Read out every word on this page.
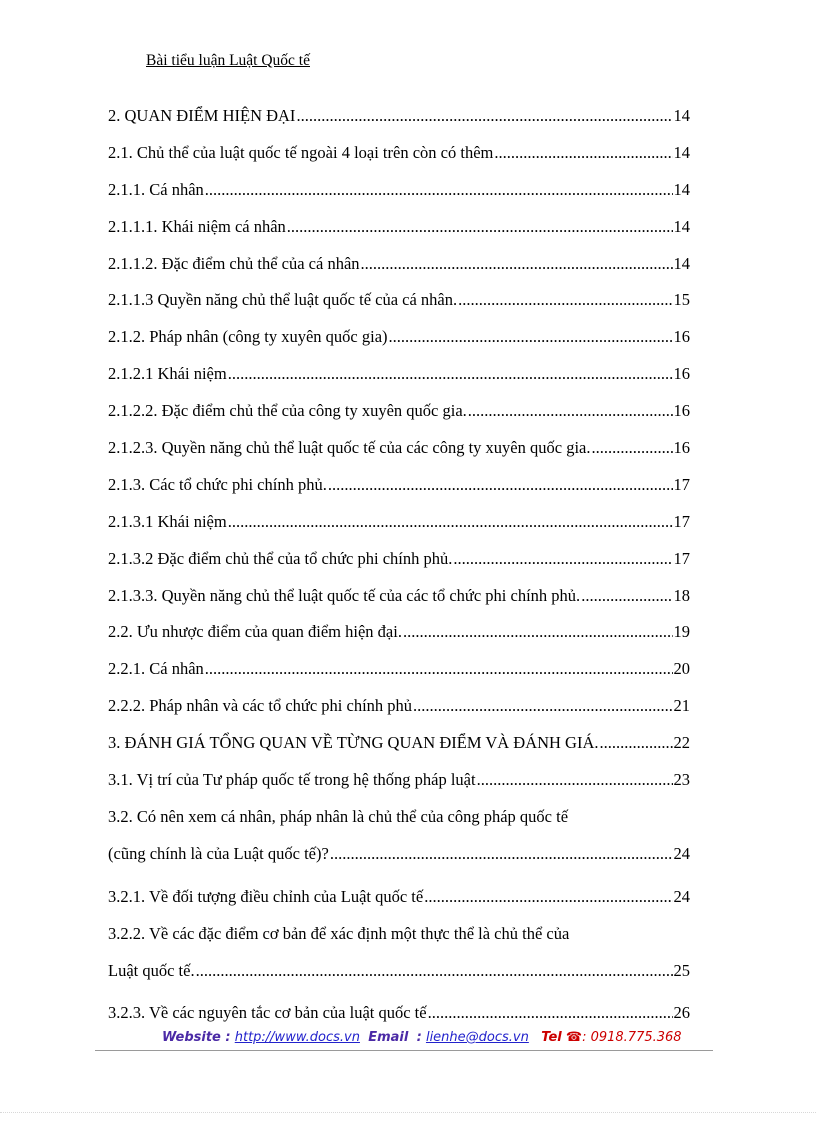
Bài tiểu luận Luật Quốc tế
2. QUAN ĐIỂM HIỆN ĐẠI .....	14
2.1. Chủ thể của luật quốc tế ngoài 4 loại trên còn có thêm .....	14
2.1.1. Cá nhân .....	14
2.1.1.1. Khái niệm cá nhân .....	14
2.1.1.2. Đặc điểm chủ thể của cá nhân .....	14
2.1.1.3 Quyền năng chủ thể luật quốc tế của cá nhân. .....	15
2.1.2. Pháp nhân (công ty xuyên quốc gia) .....	16
2.1.2.1 Khái niệm .....	16
2.1.2.2. Đặc điểm chủ thể của công ty xuyên quốc gia. .....	16
2.1.2.3. Quyền năng chủ thể luật quốc tế của các công ty xuyên quốc gia. .....	16
2.1.3. Các tổ chức phi chính phủ. .....	17
2.1.3.1 Khái niệm .....	17
2.1.3.2 Đặc điểm chủ thể của tổ chức phi chính phủ. .....	17
2.1.3.3. Quyền năng chủ thể luật quốc tế của các tổ chức phi chính phủ. .....	18
2.2. Ưu nhược điểm của quan điểm hiện đại. .....	19
2.2.1. Cá nhân .....	20
2.2.2. Pháp nhân và các tổ chức phi chính phủ .....	21
3. ĐÁNH GIÁ TỔNG QUAN VỀ TỪNG QUAN ĐIỂM VÀ ĐÁNH GIÁ. .....	22
3.1. Vị trí của Tư pháp quốc tế trong hệ thống pháp luật .....	23
3.2. Có nên xem cá nhân, pháp nhân là chủ thể của công pháp quốc tế
(cũng chính là của Luật quốc tế)? .....	24
3.2.1. Về đối tượng điều chỉnh của Luật quốc tế .....	24
3.2.2. Về các đặc điểm cơ bản để xác định một thực thể là chủ thể của
Luật quốc tế. .....	25
3.2.3. Về các nguyên tắc cơ bản của luật quốc tế .....	26
Website : http://www.docs.vn Email : lienhe@docs.vn Tel ☎: 0918.775.368
